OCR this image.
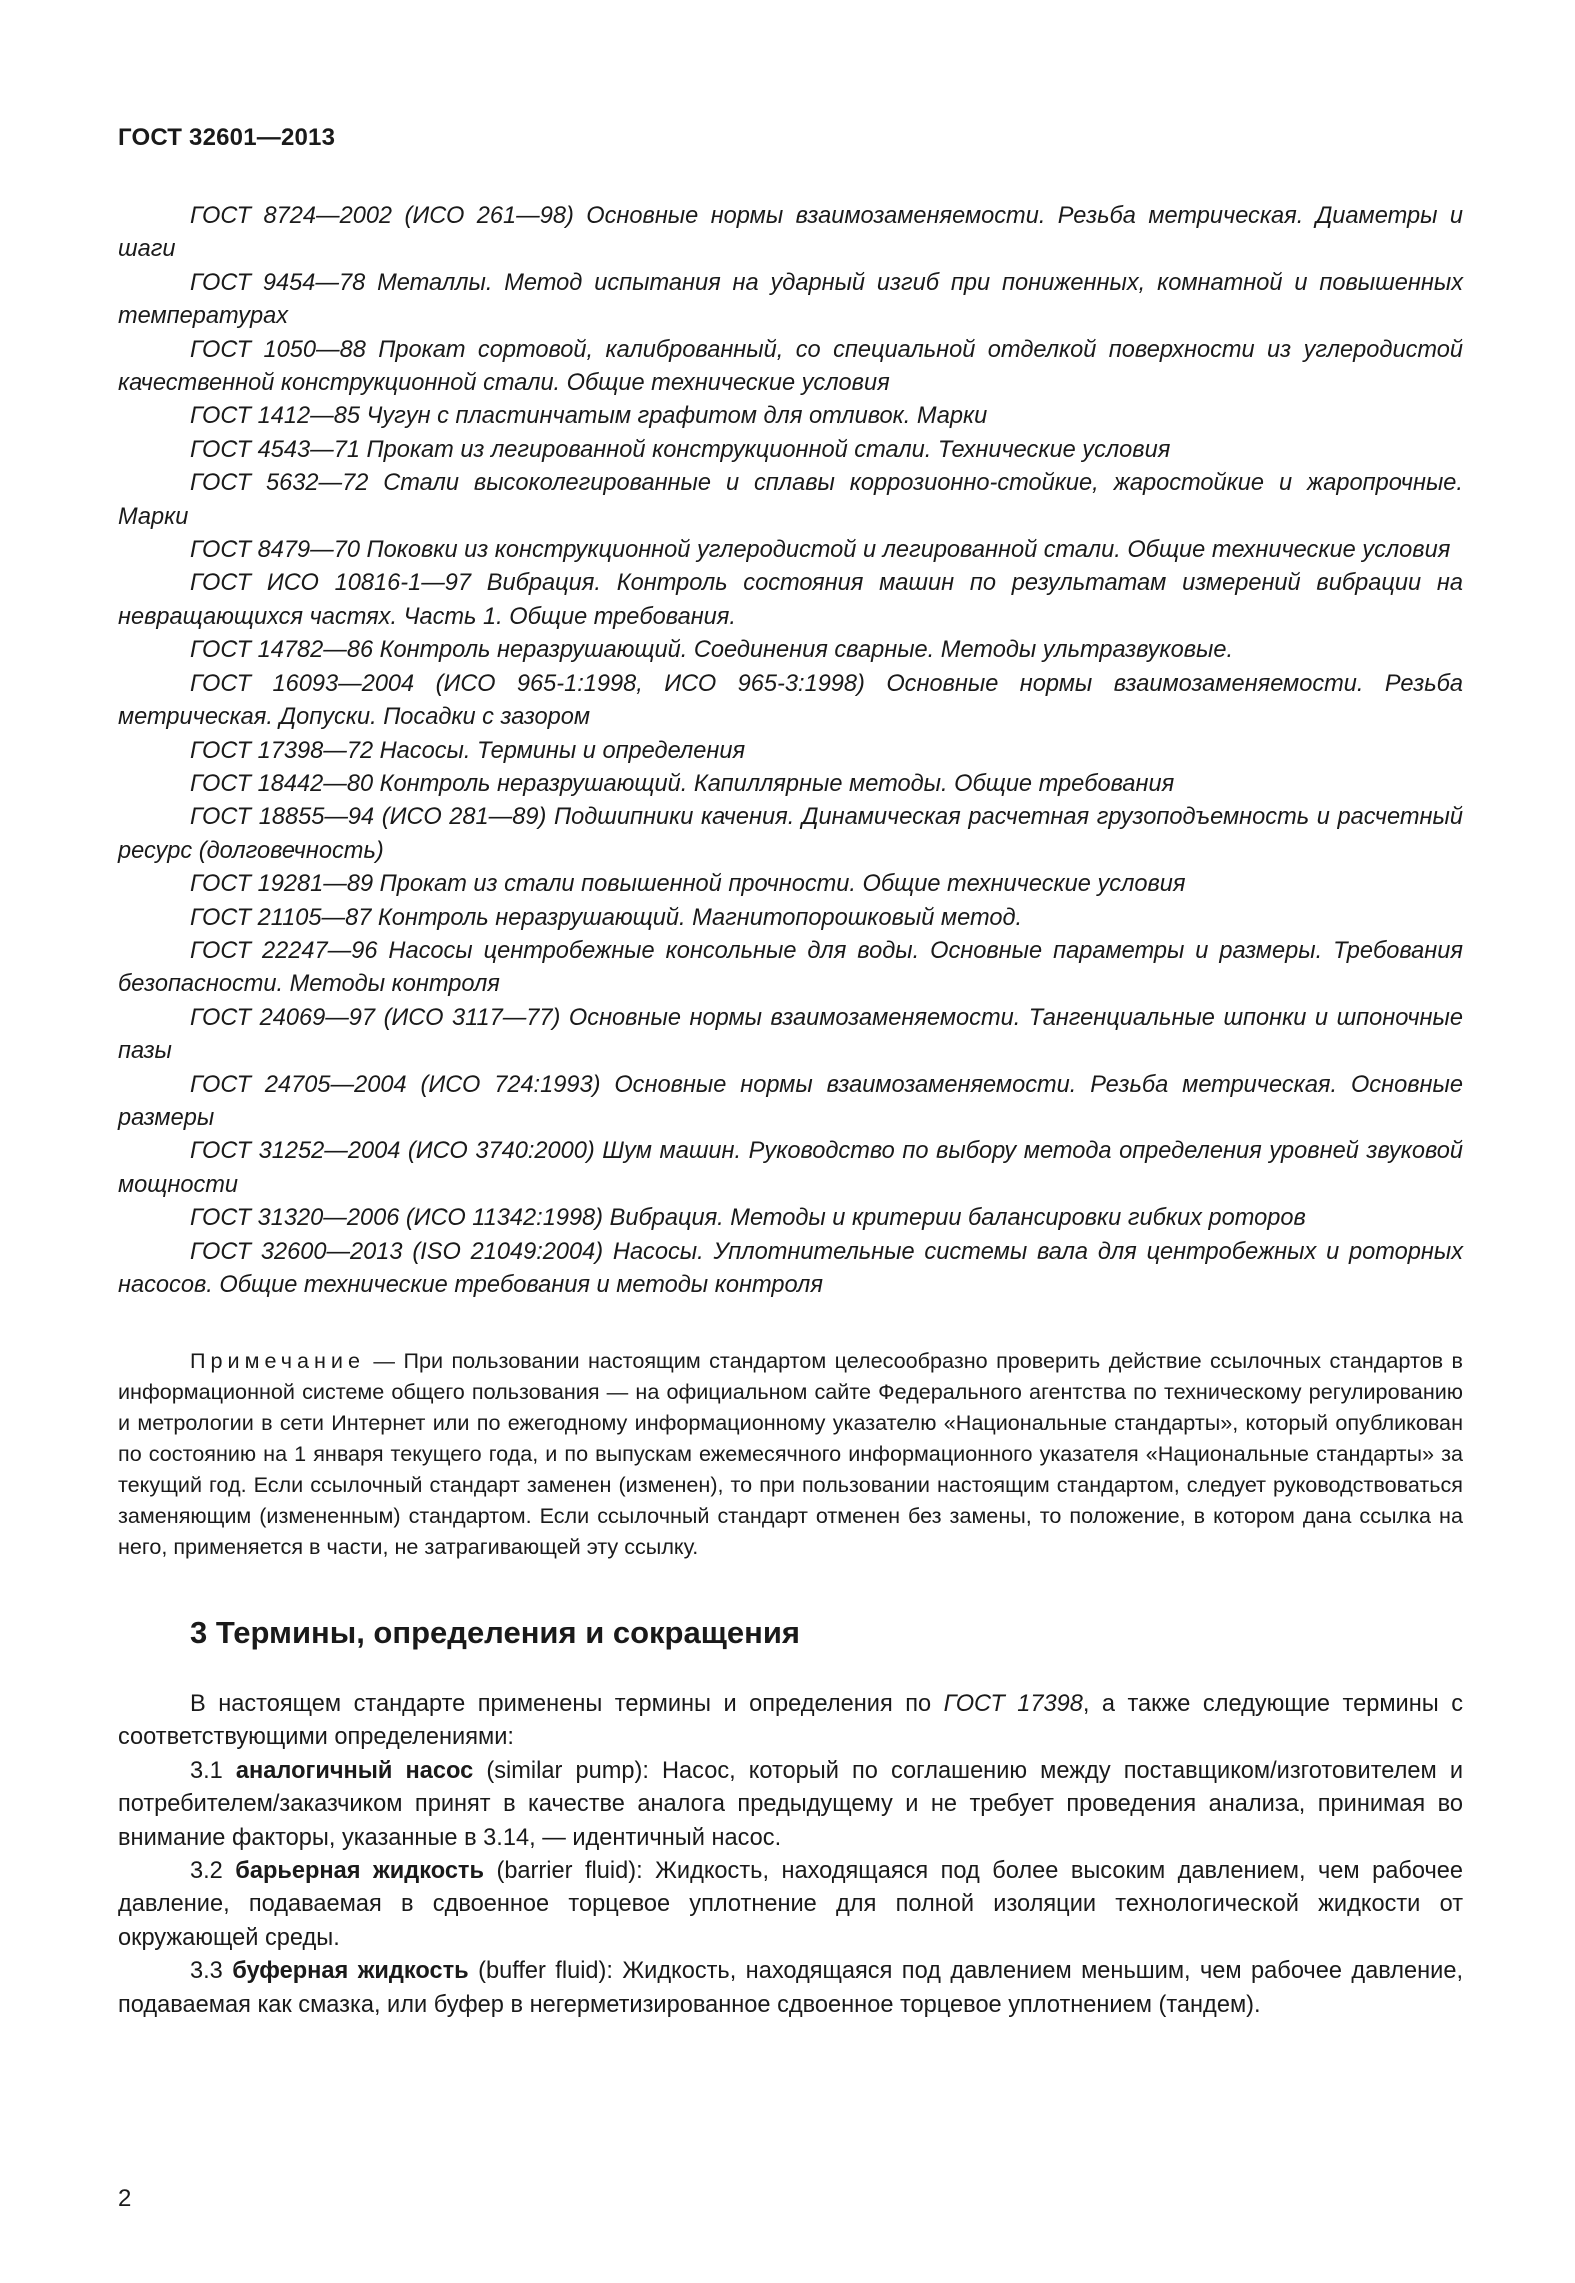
ГОСТ 32601—2013

ГОСТ 8724—2002 (ИСО 261—98) Основные нормы взаимозаменяемости. Резьба метрическая. Диаметры и шаги

ГОСТ 9454—78 Металлы. Метод испытания на ударный изгиб при пониженных, комнатной и повышенных температурах

ГОСТ 1050—88 Прокат сортовой, калиброванный, со специальной отделкой поверхности из углеродистой качественной конструкционной стали. Общие технические условия

ГОСТ 1412—85 Чугун с пластинчатым графитом для отливок. Марки

ГОСТ 4543—71 Прокат из легированной конструкционной стали. Технические условия

ГОСТ 5632—72 Стали высоколегированные и сплавы коррозионно-стойкие, жаростойкие и жаропрочные. Марки

ГОСТ 8479—70 Поковки из конструкционной углеродистой и легированной стали. Общие технические условия

ГОСТ ИСО 10816-1—97 Вибрация. Контроль состояния машин по результатам измерений вибрации на невращающихся частях. Часть 1. Общие требования.

ГОСТ 14782—86 Контроль неразрушающий. Соединения сварные. Методы ультразвуковые.

ГОСТ 16093—2004 (ИСО 965-1:1998, ИСО 965-3:1998) Основные нормы взаимозаменяемости. Резьба метрическая. Допуски. Посадки с зазором

ГОСТ 17398—72 Насосы. Термины и определения

ГОСТ 18442—80 Контроль неразрушающий. Капиллярные методы. Общие требования

ГОСТ 18855—94 (ИСО 281—89) Подшипники качения. Динамическая расчетная грузоподъемность и расчетный ресурс (долговечность)

ГОСТ 19281—89 Прокат из стали повышенной прочности. Общие технические условия

ГОСТ 21105—87 Контроль неразрушающий. Магнитопорошковый метод.

ГОСТ 22247—96 Насосы центробежные консольные для воды. Основные параметры и размеры. Требования безопасности. Методы контроля

ГОСТ 24069—97 (ИСО 3117—77) Основные нормы взаимозаменяемости. Тангенциальные шпонки и шпоночные пазы

ГОСТ 24705—2004 (ИСО 724:1993) Основные нормы взаимозаменяемости. Резьба метрическая. Основные размеры

ГОСТ 31252—2004 (ИСО 3740:2000) Шум машин. Руководство по выбору метода определения уровней звуковой мощности

ГОСТ 31320—2006 (ИСО 11342:1998) Вибрация. Методы и критерии балансировки гибких роторов

ГОСТ 32600—2013 (ISO 21049:2004) Насосы. Уплотнительные системы вала для центробежных и роторных насосов. Общие технические требования и методы контроля

Примечание — При пользовании настоящим стандартом целесообразно проверить действие ссылочных стандартов в информационной системе общего пользования — на официальном сайте Федерального агентства по техническому регулированию и метрологии в сети Интернет или по ежегодному информационному указателю «Национальные стандарты», который опубликован по состоянию на 1 января текущего года, и по выпускам ежемесячного информационного указателя «Национальные стандарты» за текущий год. Если ссылочный стандарт заменен (изменен), то при пользовании настоящим стандартом, следует руководствоваться заменяющим (измененным) стандартом. Если ссылочный стандарт отменен без замены, то положение, в котором дана ссылка на него, применяется в части, не затрагивающей эту ссылку.

3 Термины, определения и сокращения

В настоящем стандарте применены термины и определения по ГОСТ 17398, а также следующие термины с соответствующими определениями:

3.1 аналогичный насос (similar pump): Насос, который по соглашению между поставщиком/изготовителем и потребителем/заказчиком принят в качестве аналога предыдущему и не требует проведения анализа, принимая во внимание факторы, указанные в 3.14, — идентичный насос.

3.2 барьерная жидкость (barrier fluid): Жидкость, находящаяся под более высоким давлением, чем рабочее давление, подаваемая в сдвоенное торцевое уплотнение для полной изоляции технологической жидкости от окружающей среды.

3.3 буферная жидкость (buffer fluid): Жидкость, находящаяся под давлением меньшим, чем рабочее давление, подаваемая как смазка, или буфер в негерметизированное сдвоенное торцевое уплотнением (тандем).

2
